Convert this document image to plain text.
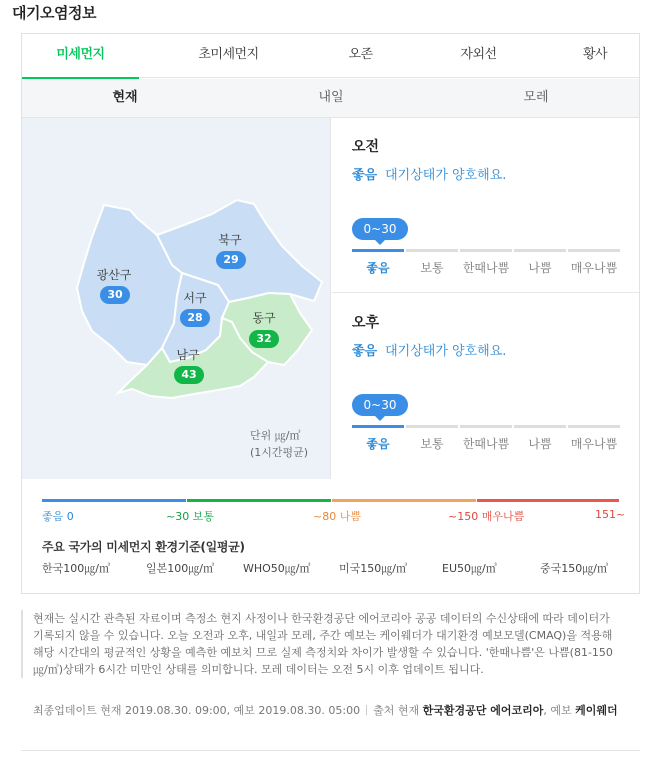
대기오염정보
미세먼지	초미세먼지	오존	자외선	황사
현재	내일	모레
광산구
30
북구
29
서구
28	동구
32
남구
43
단위 ㎍/㎥
(1시간평균)
오전
좋음 대기상태가 양호해요.
0~30
좋음	보통	한때나쁨	나쁨	매우나쁨
오후
좋음 대기상태가 양호해요.
0~30
좋음	보통	한때나쁨	나쁨	매우나쁨
좋음 0	~30 보통	~80 나쁨	~150 매우나쁨	151~
주요 국가의 미세먼지 환경기준(일평균)
한국100㎍/㎥	일본100㎍/㎥	WHO50㎍/㎥	미국150㎍/㎥	EU50㎍/㎥	중국150㎍/㎥
현재는 실시간 관측된 자료이며 측정소 현지 사정이나 한국환경공단 에어코리아 공공 데이터의 수신상태에 따라 데이터가 기록되지 않을 수 있습니다. 오늘 오전과 오후, 내일과 모레, 주간 예보는 케이웨더가 대기환경 예보모델(CMAQ)을 적용해 해당 시간대의 평균적인 상황을 예측한 예보치 므로 실제 측정치와 차이가 발생할 수 있습니다. '한때나쁨'은 나쁨(81-150㎍/㎥)상태가 6시간 미만인 상태를 의미합니다. 모레 데이터는 오전 5시 이후 업데이트 됩니다.
최종업데이트 현재 2019.08.30. 09:00, 예보 2019.08.30. 05:00 출처 현재 한국환경공단 에어코리아, 예보 케이웨더
